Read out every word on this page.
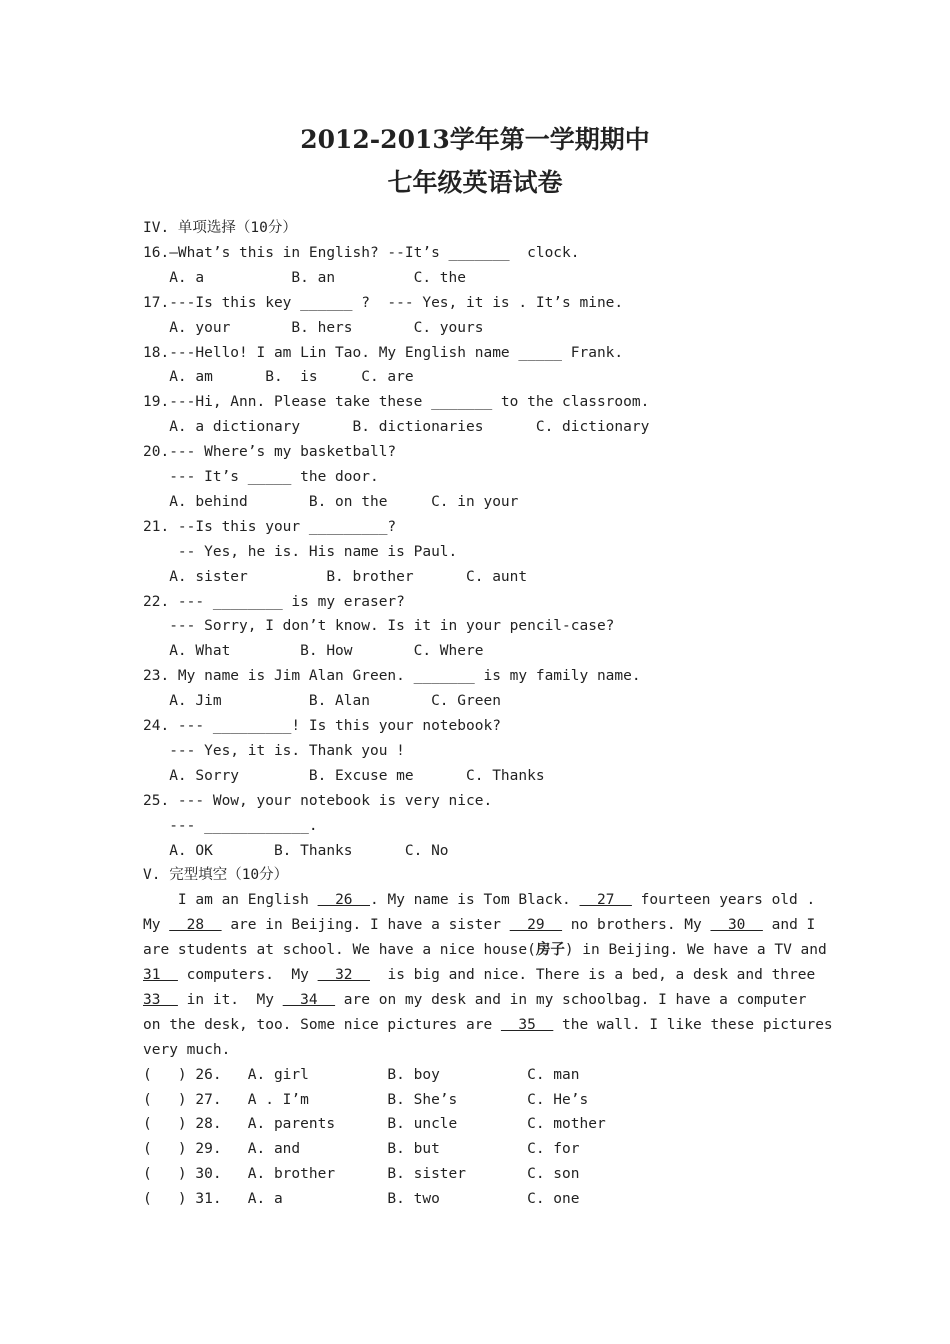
2012-2013学年第一学期期中
七年级英语试卷
IV. 单项选择（10分）
16.—What’s this in English? --It’s _______  clock.
A. a          B. an         C. the
17.---Is this key ______ ?  --- Yes, it is . It’s mine.
A. your       B. hers       C. yours
18.---Hello! I am Lin Tao. My English name _____ Frank.
A. am      B.  is     C. are
19.---Hi, Ann. Please take these _______ to the classroom.
A. a dictionary      B. dictionaries      C. dictionary
20.--- Where’s my basketball?
--- It’s _____ the door.
A. behind       B. on the     C. in your
21. --Is this your _________?
-- Yes, he is. His name is Paul.
A. sister         B. brother      C. aunt
22. --- ________ is my eraser?
--- Sorry, I don’t know. Is it in your pencil-case?
A. What        B. How       C. Where
23. My name is Jim Alan Green. _______ is my family name.
A. Jim          B. Alan       C. Green
24. --- _________! Is this your notebook?
--- Yes, it is. Thank you !
A. Sorry        B. Excuse me      C. Thanks
25. --- Wow, your notebook is very nice.
--- ____________.
A. OK       B. Thanks      C. No
V. 完型填空（10分）
I am an English   26  . My name is Tom Black.   27   fourteen years old .
My   28   are in Beijing. I have a sister   29   no brothers. My   30   and I
are students at school. We have a nice house(房子) in Beijing. We have a TV and
31   computers.  My   32    is big and nice. There is a bed, a desk and three
33   in it.  My   34   are on my desk and in my schoolbag. I have a computer
on the desk, too. Some nice pictures are   35   the wall. I like these pictures
very much.
(   ) 26.   A. girl         B. boy          C. man
(   ) 27.   A . I’m         B. She’s        C. He’s
(   ) 28.   A. parents      B. uncle        C. mother
(   ) 29.   A. and          B. but          C. for
(   ) 30.   A. brother      B. sister       C. son
(   ) 31.   A. a            B. two          C. one
